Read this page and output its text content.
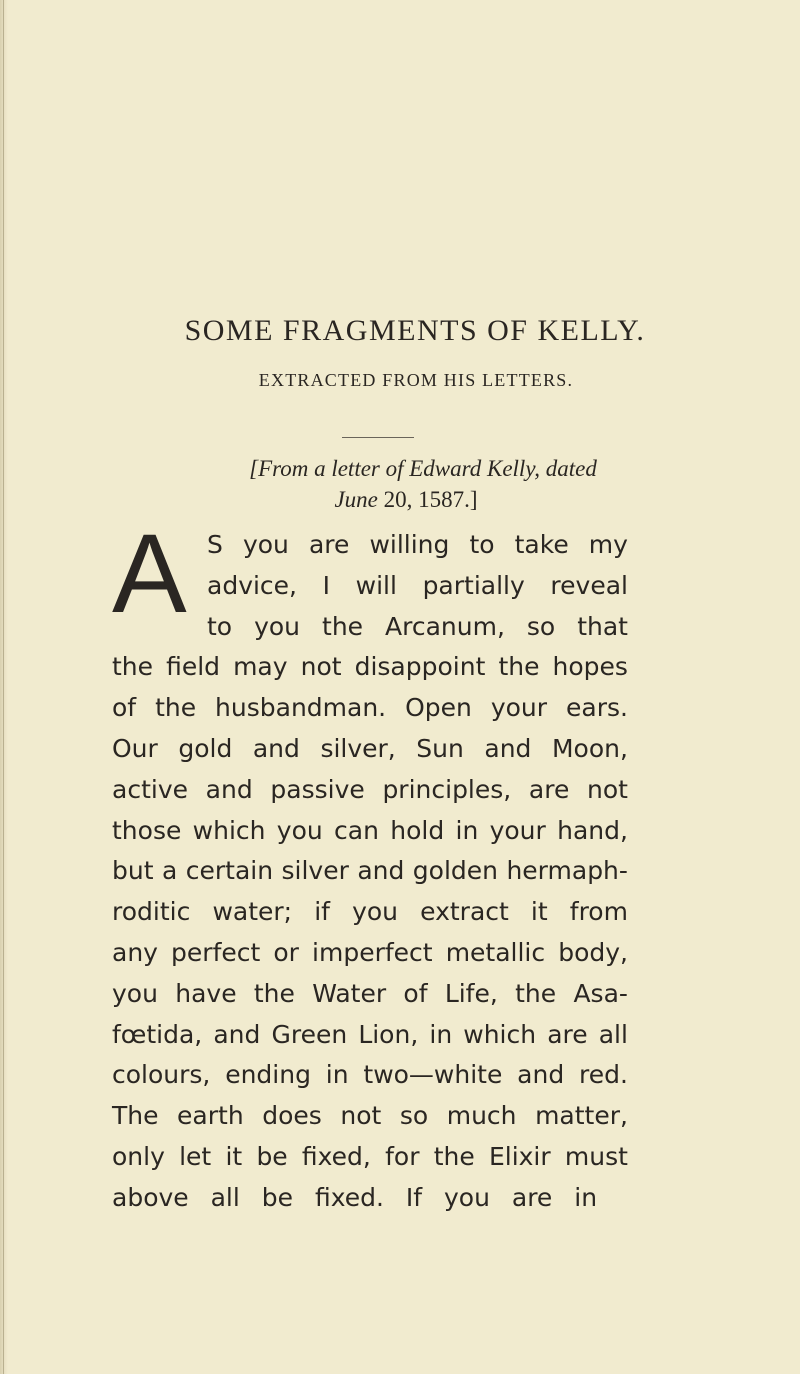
SOME FRAGMENTS OF KELLY.
EXTRACTED FROM HIS LETTERS.

[From a letter of Edward Kelly, dated

June 20, 1587.]

A S you are willing to take my

advice, I will partially reveal

to you the Arcanum, so that

the field may not disappoint the hopes

of the husbandman. Open your ears.

Our gold and silver, Sun and Moon,

active and passive principles, are not

those which you can hold in your hand,

but a certain silver and golden hermaph-

roditic water; if you extract it from

any perfect or imperfect metallic body,

you have the Water of Life, the Asa-

fœtida, and Green Lion, in which are all

colours, ending in two—white and red.

The earth does not so much matter,

only let it be fixed, for the Elixir must

above all be fixed. If you are in
